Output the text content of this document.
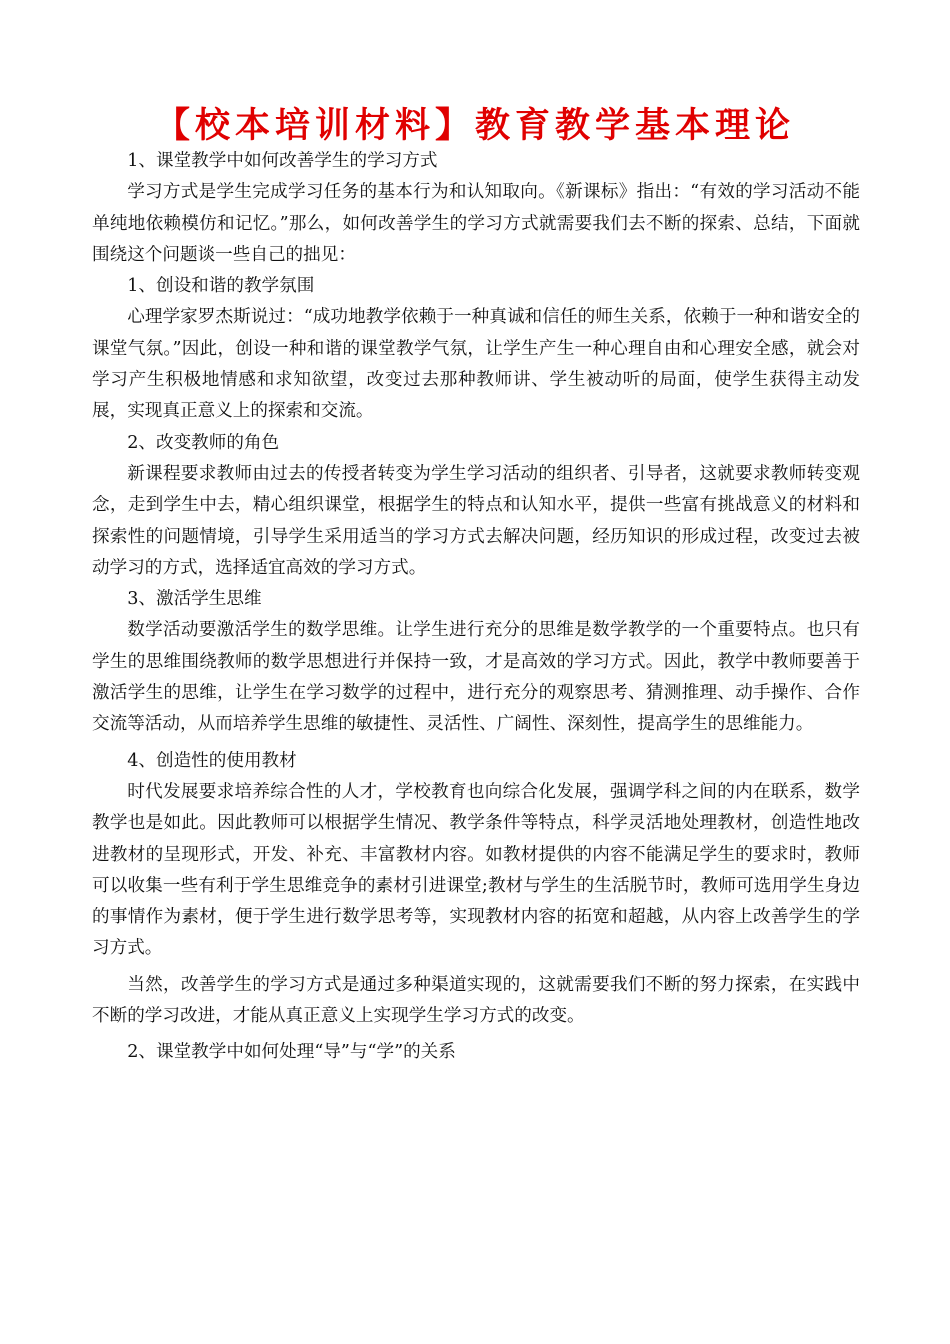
【校本培训材料】教育教学基本理论

1、课堂教学中如何改善学生的学习方式

学习方式是学生完成学习任务的基本行为和认知取向。《新课标》指出：“有效的学习活动不能单纯地依赖模仿和记忆。”那么，如何改善学生的学习方式就需要我们去不断的探索、总结，下面就围绕这个问题谈一些自己的拙见：

1、创设和谐的教学氛围

心理学家罗杰斯说过：“成功地教学依赖于一种真诚和信任的师生关系，依赖于一种和谐安全的课堂气氛。”因此，创设一种和谐的课堂教学气氛，让学生产生一种心理自由和心理安全感，就会对学习产生积极地情感和求知欲望，改变过去那种教师讲、学生被动听的局面，使学生获得主动发展，实现真正意义上的探索和交流。

2、改变教师的角色

新课程要求教师由过去的传授者转变为学生学习活动的组织者、引导者，这就要求教师转变观念，走到学生中去，精心组织课堂，根据学生的特点和认知水平，提供一些富有挑战意义的材料和探索性的问题情境，引导学生采用适当的学习方式去解决问题，经历知识的形成过程，改变过去被动学习的方式，选择适宜高效的学习方式。

3、激活学生思维

数学活动要激活学生的数学思维。让学生进行充分的思维是数学教学的一个重要特点。也只有学生的思维围绕教师的数学思想进行并保持一致，才是高效的学习方式。因此，教学中教师要善于激活学生的思维，让学生在学习数学的过程中，进行充分的观察思考、猜测推理、动手操作、合作交流等活动，从而培养学生思维的敏捷性、灵活性、广阔性、深刻性，提高学生的思维能力。

4、创造性的使用教材

时代发展要求培养综合性的人才，学校教育也向综合化发展，强调学科之间的内在联系，数学教学也是如此。因此教师可以根据学生情况、教学条件等特点，科学灵活地处理教材，创造性地改进教材的呈现形式，开发、补充、丰富教材内容。如教材提供的内容不能满足学生的要求时，教师可以收集一些有利于学生思维竞争的素材引进课堂;教材与学生的生活脱节时，教师可选用学生身边的事情作为素材，便于学生进行数学思考等，实现教材内容的拓宽和超越，从内容上改善学生的学习方式。

当然，改善学生的学习方式是通过多种渠道实现的，这就需要我们不断的努力探索，在实践中不断的学习改进，才能从真正意义上实现学生学习方式的改变。

2、课堂教学中如何处理“导”与“学”的关系
